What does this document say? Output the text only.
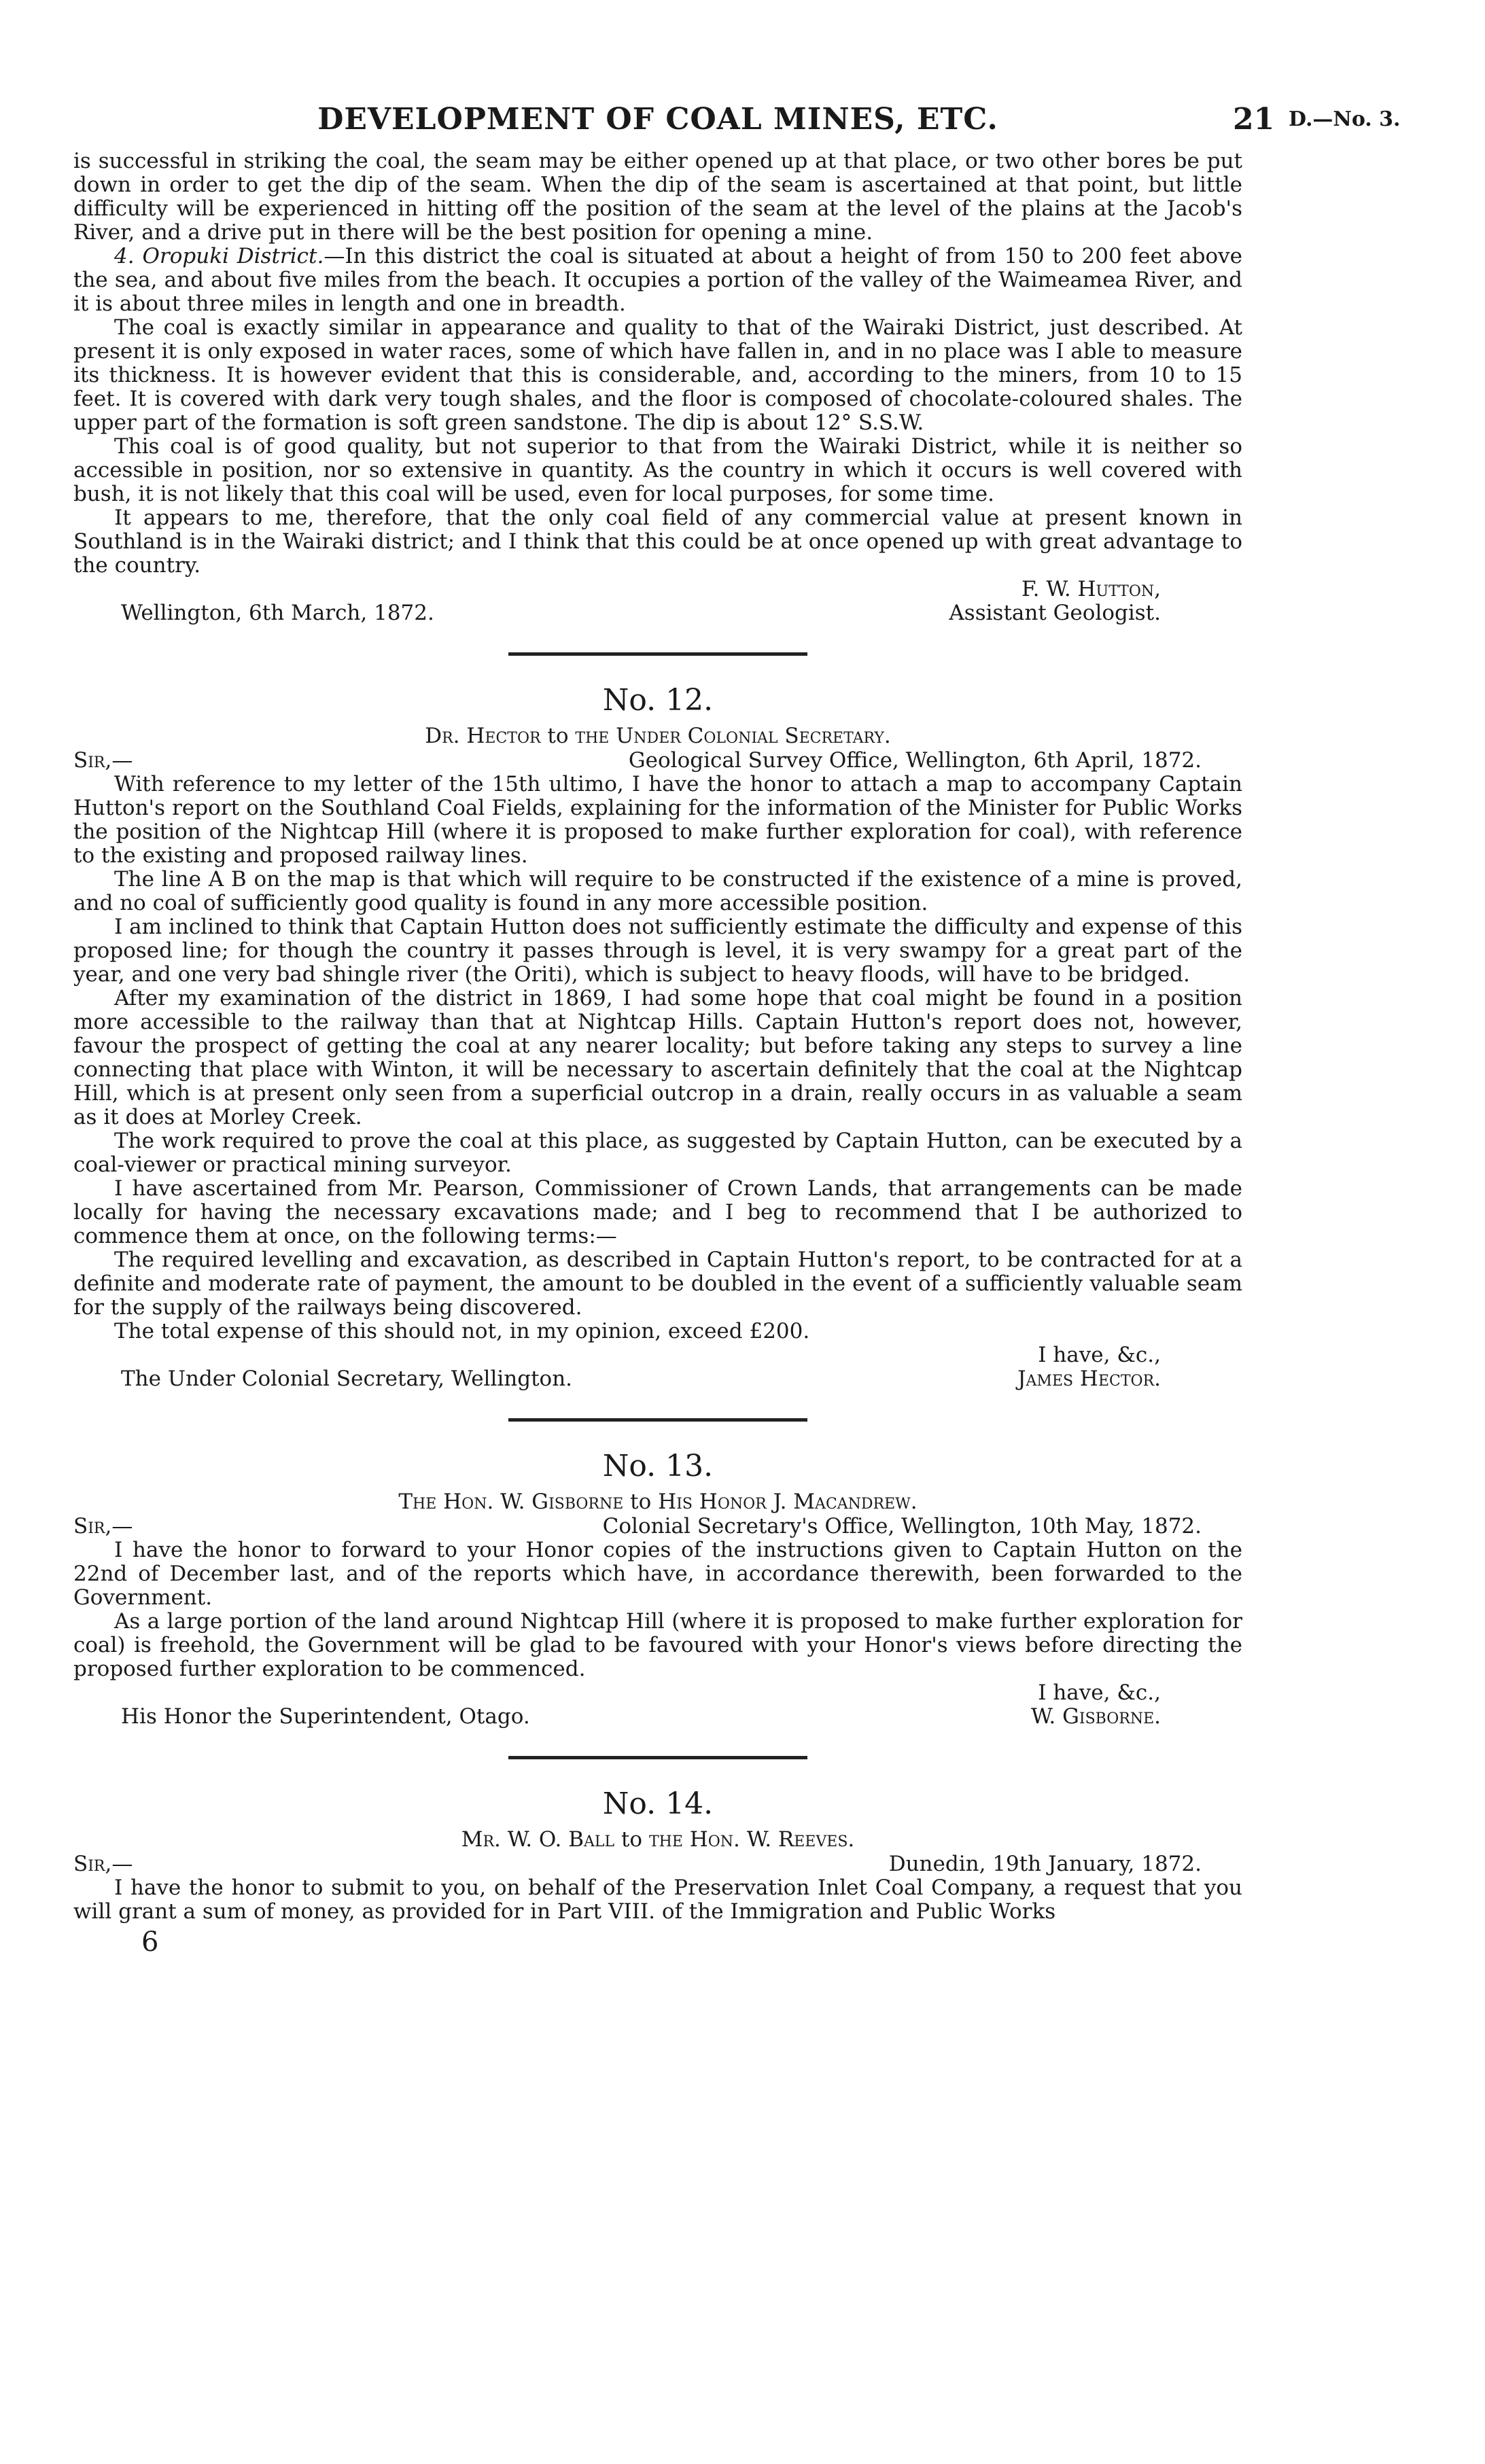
DEVELOPMENT OF COAL MINES, ETC.	21 D.—No. 3.

is successful in striking the coal, the seam may be either opened up at that place, or two other bores be put down in order to get the dip of the seam. When the dip of the seam is ascertained at that point, but little difficulty will be experienced in hitting off the position of the seam at the level of the plains at the Jacob's River, and a drive put in there will be the best position for opening a mine.

4. Oropuki District.—In this district the coal is situated at about a height of from 150 to 200 feet above the sea, and about five miles from the beach. It occupies a portion of the valley of the Waimeamea River, and it is about three miles in length and one in breadth.

The coal is exactly similar in appearance and quality to that of the Wairaki District, just described. At present it is only exposed in water races, some of which have fallen in, and in no place was I able to measure its thickness. It is however evident that this is considerable, and, according to the miners, from 10 to 15 feet. It is covered with dark very tough shales, and the floor is composed of chocolate-coloured shales. The upper part of the formation is soft green sandstone. The dip is about 12° S.S.W.

This coal is of good quality, but not superior to that from the Wairaki District, while it is neither so accessible in position, nor so extensive in quantity. As the country in which it occurs is well covered with bush, it is not likely that this coal will be used, even for local purposes, for some time.

It appears to me, therefore, that the only coal field of any commercial value at present known in Southland is in the Wairaki district; and I think that this could be at once opened up with great advantage to the country.

Wellington, 6th March, 1872.
F. W. Hutton,
Assistant Geologist.
No. 12.
Dr. Hector to the Under Colonial Secretary.
Sir,—	Geological Survey Office, Wellington, 6th April, 1872.

With reference to my letter of the 15th ultimo, I have the honor to attach a map to accompany Captain Hutton's report on the Southland Coal Fields, explaining for the information of the Minister for Public Works the position of the Nightcap Hill (where it is proposed to make further exploration for coal), with reference to the existing and proposed railway lines.

The line A B on the map is that which will require to be constructed if the existence of a mine is proved, and no coal of sufficiently good quality is found in any more accessible position.

I am inclined to think that Captain Hutton does not sufficiently estimate the difficulty and expense of this proposed line; for though the country it passes through is level, it is very swampy for a great part of the year, and one very bad shingle river (the Oriti), which is subject to heavy floods, will have to be bridged.

After my examination of the district in 1869, I had some hope that coal might be found in a position more accessible to the railway than that at Nightcap Hills. Captain Hutton's report does not, however, favour the prospect of getting the coal at any nearer locality; but before taking any steps to survey a line connecting that place with Winton, it will be necessary to ascertain definitely that the coal at the Nightcap Hill, which is at present only seen from a superficial outcrop in a drain, really occurs in as valuable a seam as it does at Morley Creek.

The work required to prove the coal at this place, as suggested by Captain Hutton, can be executed by a coal-viewer or practical mining surveyor.

I have ascertained from Mr. Pearson, Commissioner of Crown Lands, that arrangements can be made locally for having the necessary excavations made; and I beg to recommend that I be authorized to commence them at once, on the following terms:—

The required levelling and excavation, as described in Captain Hutton's report, to be contracted for at a definite and moderate rate of payment, the amount to be doubled in the event of a sufficiently valuable seam for the supply of the railways being discovered.

The total expense of this should not, in my opinion, exceed £200.

I have, &c.,
The Under Colonial Secretary, Wellington.	James Hector.
No. 13.
The Hon. W. Gisborne to His Honor J. Macandrew.
Sir,—	Colonial Secretary's Office, Wellington, 10th May, 1872.

I have the honor to forward to your Honor copies of the instructions given to Captain Hutton on the 22nd of December last, and of the reports which have, in accordance therewith, been forwarded to the Government.

As a large portion of the land around Nightcap Hill (where it is proposed to make further exploration for coal) is freehold, the Government will be glad to be favoured with your Honor's views before directing the proposed further exploration to be commenced.

I have, &c.,
His Honor the Superintendent, Otago.	W. Gisborne.
No. 14.
Mr. W. O. Ball to the Hon. W. Reeves.
Sir,—	Dunedin, 19th January, 1872.

I have the honor to submit to you, on behalf of the Preservation Inlet Coal Company, a request that you will grant a sum of money, as provided for in Part VIII. of the Immigration and Public Works

6
